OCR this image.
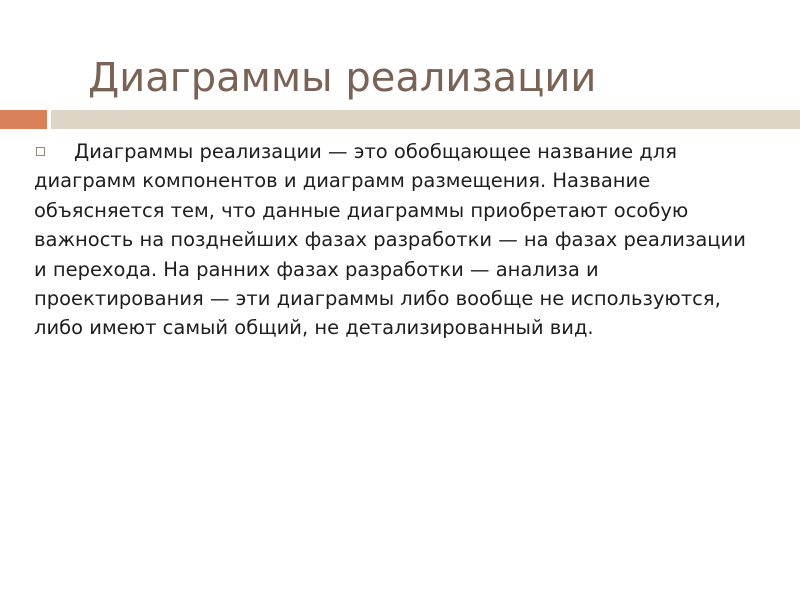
Диаграммы реализации

Диаграммы реализации — это обобщающее название для диаграмм компонентов и диаграмм размещения. Название объясняется тем, что данные диаграммы приобретают особую важность на позднейших фазах разработки — на фазах реализации и перехода. На ранних фазах разработки — анализа и проектирования — эти диаграммы либо вообще не используются, либо имеют самый общий, не детализированный вид.
